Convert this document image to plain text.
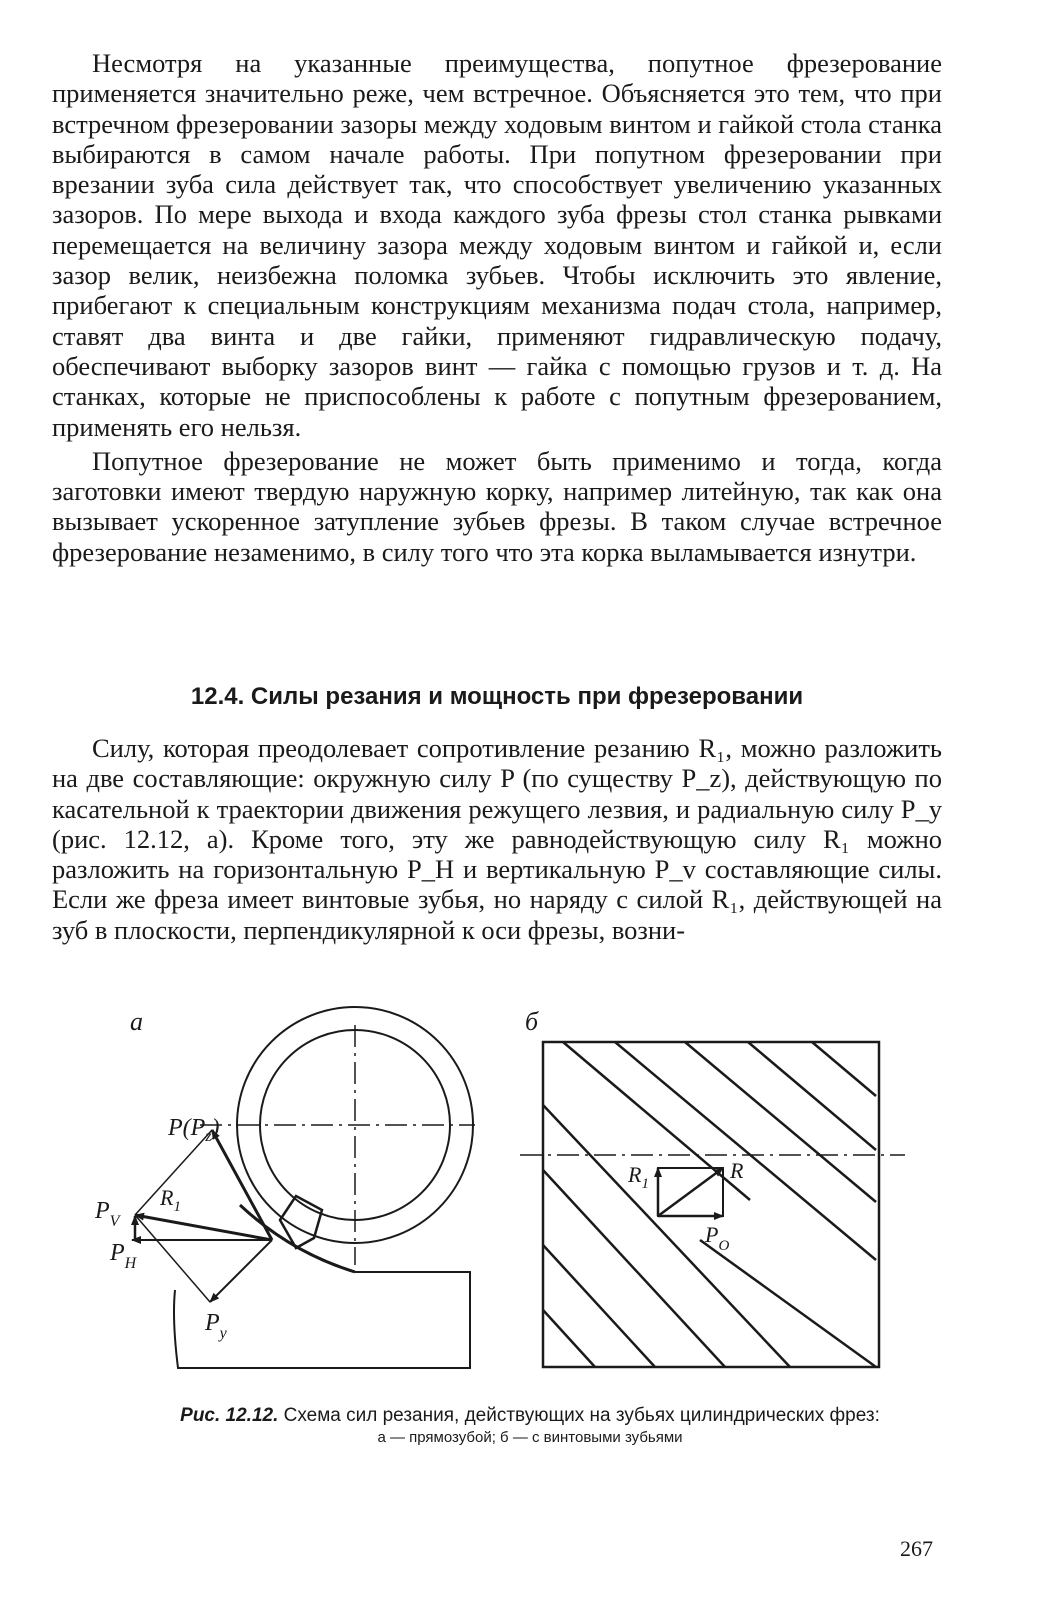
Несмотря на указанные преимущества, попутное фрезерование применяется значительно реже, чем встречное. Объясняется это тем, что при встречном фрезеровании зазоры между ходовым винтом и гайкой стола станка выбираются в самом начале работы. При попутном фрезеровании при врезании зуба сила действует так, что способствует увеличению указанных зазоров. По мере выхода и входа каждого зуба фрезы стол станка рывками перемещается на величину зазора между ходовым винтом и гайкой и, если зазор велик, неизбежна поломка зубьев. Чтобы исключить это явление, прибегают к специальным конструкциям механизма подач стола, например, ставят два винта и две гайки, применяют гидравлическую подачу, обеспечивают выборку зазоров винт — гайка с помощью грузов и т. д. На станках, которые не приспособлены к работе с попутным фрезерованием, применять его нельзя.

Попутное фрезерование не может быть применимо и тогда, когда заготовки имеют твердую наружную корку, например литейную, так как она вызывает ускоренное затупление зубьев фрезы. В таком случае встречное фрезерование незаменимо, в силу того что эта корка выламывается изнутри.

12.4. Силы резания и мощность при фрезеровании

Силу, которая преодолевает сопротивление резанию R₁, можно разложить на две составляющие: окружную силу P (по существу P_z), действующую по касательной к траектории движения режущего лезвия, и радиальную силу P_y (рис. 12.12, а). Кроме того, эту же равнодействующую силу R₁ можно разложить на горизонтальную P_H и вертикальную P_v составляющие силы. Если же фреза имеет винтовые зубья, но наряду с силой R₁, действующей на зуб в плоскости, перпендикулярной к оси фрезы, возни-

а
$P(P_z)$
$R_1$
$P_V$
$P_H$
$P_y$
б
$R_1$
R
$P_O$
Рис. 12.12. Схема сил резания, действующих на зубьях цилиндрических фрез:
а — прямозубой; б — с винтовыми зубьями
267
